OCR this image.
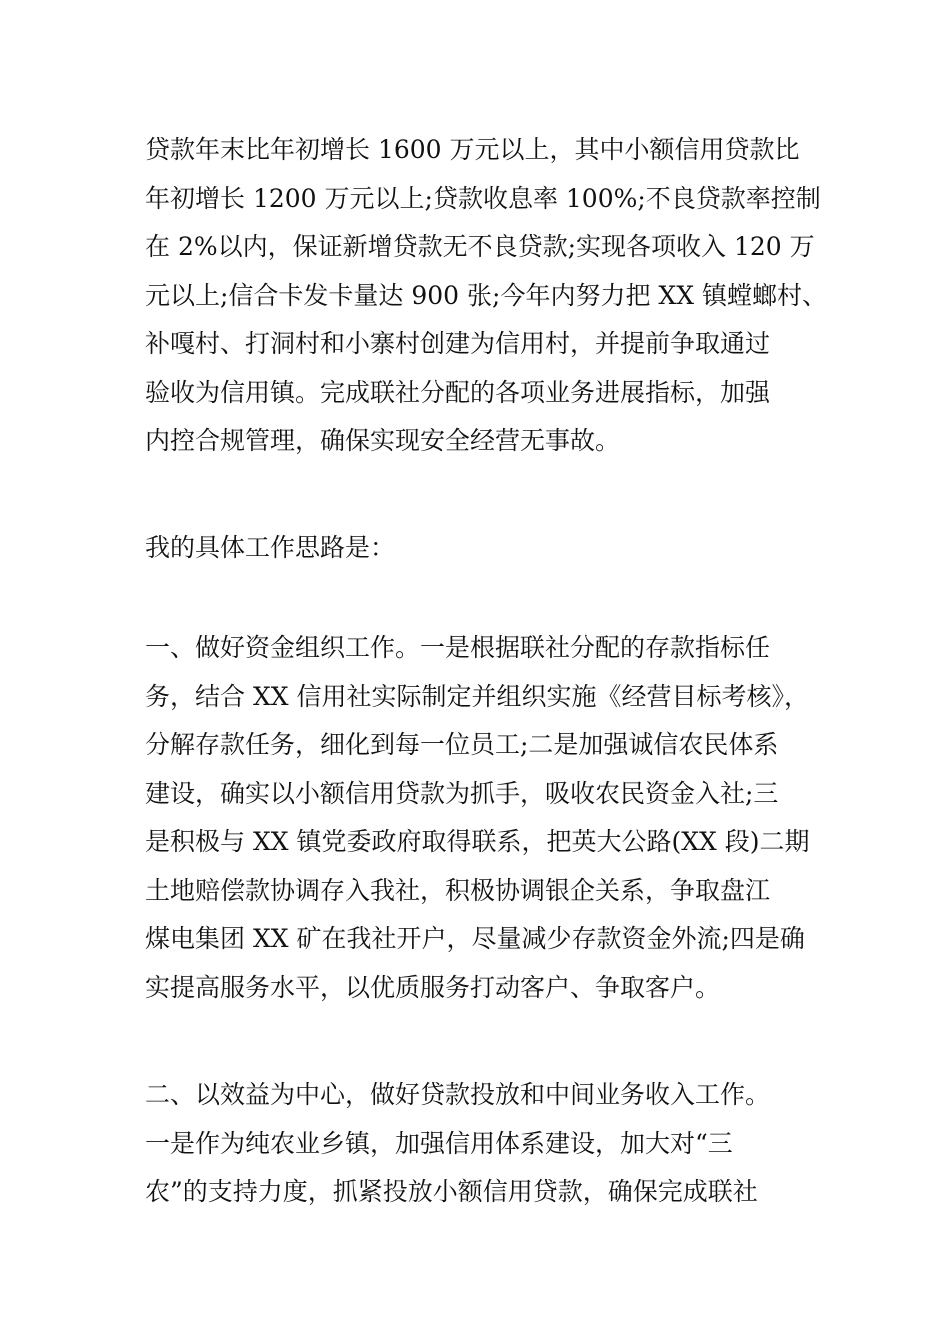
贷款年末比年初增长 1600 万元以上，其中小额信用贷款比
年初增长 1200 万元以上;贷款收息率 100%;不良贷款率控制
在 2%以内，保证新增贷款无不良贷款;实现各项收入 120 万
元以上;信合卡发卡量达 900 张;今年内努力把 XX 镇螳螂村、
补嘎村、打洞村和小寨村创建为信用村，并提前争取通过
验收为信用镇。完成联社分配的各项业务进展指标，加强
内控合规管理，确保实现安全经营无事故。

我的具体工作思路是：

一、做好资金组织工作。一是根据联社分配的存款指标任
务，结合 XX 信用社实际制定并组织实施《经营目标考核》，
分解存款任务，细化到每一位员工;二是加强诚信农民体系
建设，确实以小额信用贷款为抓手，吸收农民资金入社;三
是积极与 XX 镇党委政府取得联系，把英大公路(XX 段)二期
土地赔偿款协调存入我社，积极协调银企关系，争取盘江
煤电集团 XX 矿在我社开户，尽量减少存款资金外流;四是确
实提高服务水平，以优质服务打动客户、争取客户。

二、以效益为中心，做好贷款投放和中间业务收入工作。
一是作为纯农业乡镇，加强信用体系建设，加大对“三
农”的支持力度，抓紧投放小额信用贷款，确保完成联社
